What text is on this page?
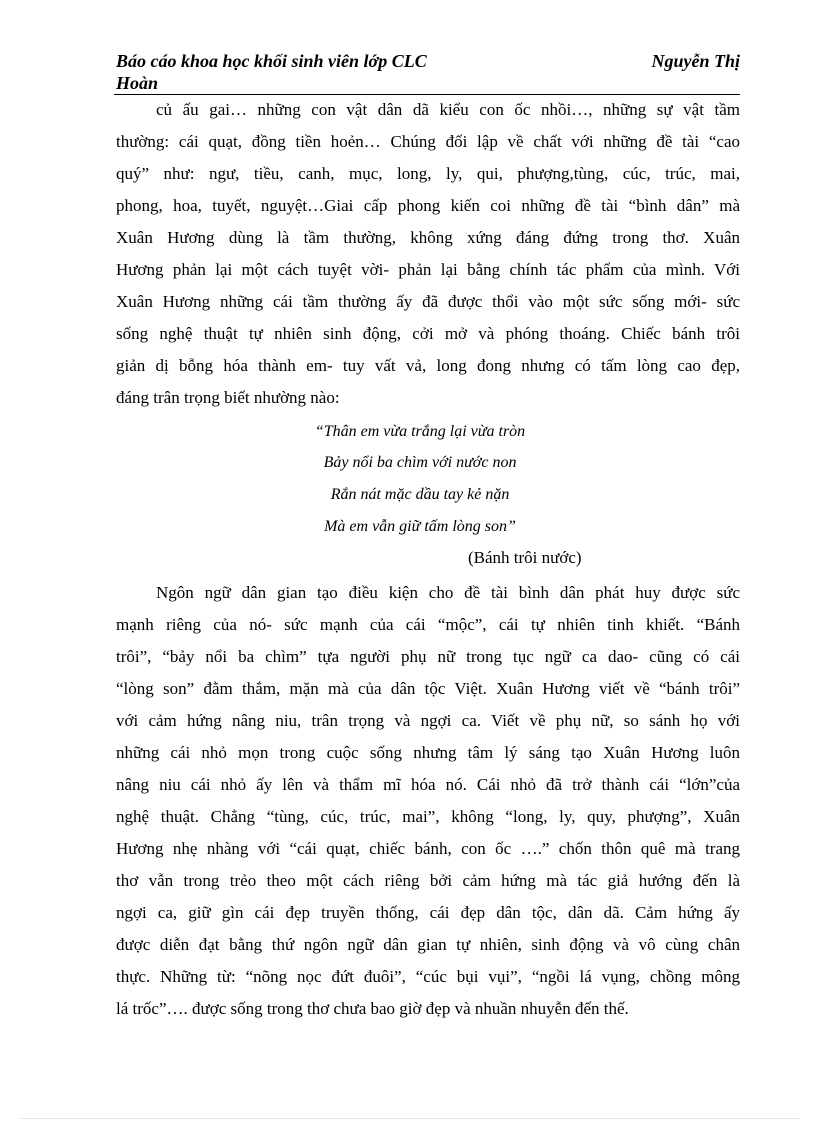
Báo cáo khoa học khối sinh viên lớp CLC	Nguyễn Thị
Hoàn
củ ấu gai… những con vật dân dã kiểu con ốc nhồi…, những sự vật tầm
thường: cái quạt, đồng tiền hoẻn… Chúng đối lập về chất với những đề tài “cao
quý” như: ngư, tiều, canh, mục, long, ly, qui, phượng,tùng, cúc, trúc, mai,
phong, hoa, tuyết, nguyệt…Giai cấp phong kiến coi những đề tài “bình dân” mà
Xuân Hương dùng là tầm thường, không xứng đáng đứng trong thơ. Xuân
Hương phản lại một cách tuyệt vời- phản lại bằng chính tác phẩm của mình. Với
Xuân Hương những cái tầm thường ấy đã được thổi vào một sức sống mới- sức
sống nghệ thuật tự nhiên sinh động, cởi mở và phóng thoáng. Chiếc bánh trôi
giản dị bỗng hóa thành em- tuy vất vả, long đong nhưng có tấm lòng cao đẹp,
đáng trân trọng biết nhường nào:
“Thân em vừa trắng lại vừa tròn
Bảy nổi ba chìm với nước non
Rắn nát mặc dầu tay kẻ nặn
Mà em vẫn giữ tấm lòng son”
(Bánh trôi nước)
Ngôn ngữ dân gian tạo điều kiện cho đề tài bình dân phát huy được sức
mạnh riêng của nó- sức mạnh của cái “mộc”, cái tự nhiên tinh khiết. “Bánh
trôi”, “bảy nổi ba chìm” tựa người phụ nữ trong tục ngữ ca dao- cũng có cái
“lòng son” đằm thắm, mặn mà của dân tộc Việt. Xuân Hương viết về “bánh trôi”
với cảm hứng nâng niu, trân trọng và ngợi ca. Viết về phụ nữ, so sánh họ với
những cái nhỏ mọn trong cuộc sống nhưng tâm lý sáng tạo Xuân Hương luôn
nâng niu cái nhỏ ấy lên và thẩm mĩ hóa nó. Cái nhỏ đã trở thành cái “lớn”của
nghệ thuật. Chẳng “tùng, cúc, trúc, mai”, không “long, ly, quy, phượng”, Xuân
Hương nhẹ nhàng với “cái quạt, chiếc bánh, con ốc ….” chốn thôn quê mà trang
thơ vẫn trong trẻo theo một cách riêng bởi cảm hứng mà tác giả hướng đến là
ngợi ca, giữ gìn cái đẹp truyền thống, cái đẹp dân tộc, dân dã. Cảm hứng ấy
được diễn đạt bằng thứ ngôn ngữ dân gian tự nhiên, sinh động và vô cùng chân
thực. Những từ: “nõng nọc đứt đuôi”, “cúc bụi vụi”, “ngồi lá vụng, chồng mông
lá trốc”…. được sống trong thơ chưa bao giờ đẹp và nhuần nhuyễn đến thế.
